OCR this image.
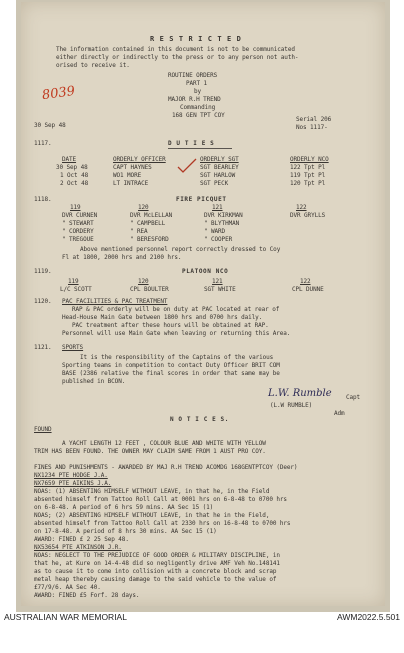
R E S T R I C T E D
The information contained in this document is not to be communicated
either directly or indirectly to the press or to any person not auth-
orised to receive it.
8039
ROUTINE ORDERS
PART 1
by
MAJOR R.H TREND
Commanding
168 GEN TPT COY
30 Sep 48
Serial 206
Nos 1117-
1117.	D U T I E S
DATE	ORDERLY OFFICER	ORDERLY SGT	ORDERLY NCO
30 Sep 48	CAPT HAYNES	SGT BEARLEY	122 Tpt Pl
1 Oct 48	WO1 MORE	SGT HARLOW	119 Tpt Pl
2 Oct 48	LT INTRACE	SGT PECK	120 Tpt Pl
1118.	FIRE PICQUET
119	120	121	122
DVR CURNEN	DVR McLELLAN	DVR KIRKMAN	DVR GRYLLS
" STEWART	" CAMPBELL	" BLYTHMAN
" CORDERY	" REA	" WARD
" TREGOUE	" BERESFORD	" COOPER
Above mentioned personnel report correctly dressed to Coy
Fl at 1800, 2000 hrs and 2100 hrs.
1119.	PLATOON NCO
119	120	121	122
L/C SCOTT	CPL BOULTER	SGT WHITE	CPL DUNNE
1120. PAC FACILITIES & PAC TREATMENT
RAP & PAC orderly will be on duty at PAC located at rear of
Head-House Main Gate between 1800 hrs and 0700 hrs daily.
PAC treatment after these hours will be obtained at RAP.
Personnel will use Main Gate when leaving or returning this Area.
1121. SPORTS
It is the responsibility of the Captains of the various
Sporting teams in competition to contact Duty Officer BRIT COM
BASE (2386 relative the final scores in order that same may be
published in BCON.
L.W. Rumble Capt
(L.W RUMBLE)
Adm
N O T I C E S.
FOUND
A YACHT LENGTH 12 FEET , COLOUR BLUE AND WHITE WITH YELLOW
TRIM HAS BEEN FOUND. THE OWNER MAY CLAIM SAME FROM 1 AUST PRO COY.
FINES AND PUNISHMENTS - AWARDED BY MAJ R.H TREND ACOMDG 168GENTPTCOY (Deer)
NX1234 PTE HODGE J.A.
NX7659 PTE AIKINS J.A.
NOAS: (1) ABSENTING HIMSELF WITHOUT LEAVE, in that he, in the Field
absented himself from Tattoo Roll Call at 0001 hrs on 6-8-48 to 0700 hrs
on 6-8-48. A period of 6 hrs 59 mins. AA Sec 15 (1)
NOAS; (2) ABSENTING HIMSELF WITHOUT LEAVE, in that he in the Field,
absented himself from Tattoo Roll Call at 2330 hrs on 16-8-48 to 0700 hrs
on 17-8-48. A period of 8 hrs 30 mins. AA Sec 15 (1)
AWARD: FINED £ 2 25 Sep 48.
NX53654 PTE ATKINSON J.R.
NOAS: NEGLECT TO THE PREJUDICE OF GOOD ORDER & MILITARY DISCIPLINE, in
that he, at Kure on 14-4-48 did so negligently drive AMF Veh No.148141
as to cause it to come into collision with a concrete block and scrap
metal heap thereby causing damage to the said vehicle to the value of
£77/9/6. AA Sec 40.
AWARD: FINED £5 Forf. 28 days.
AUSTRALIAN WAR MEMORIAL	AWM2022.5.501
